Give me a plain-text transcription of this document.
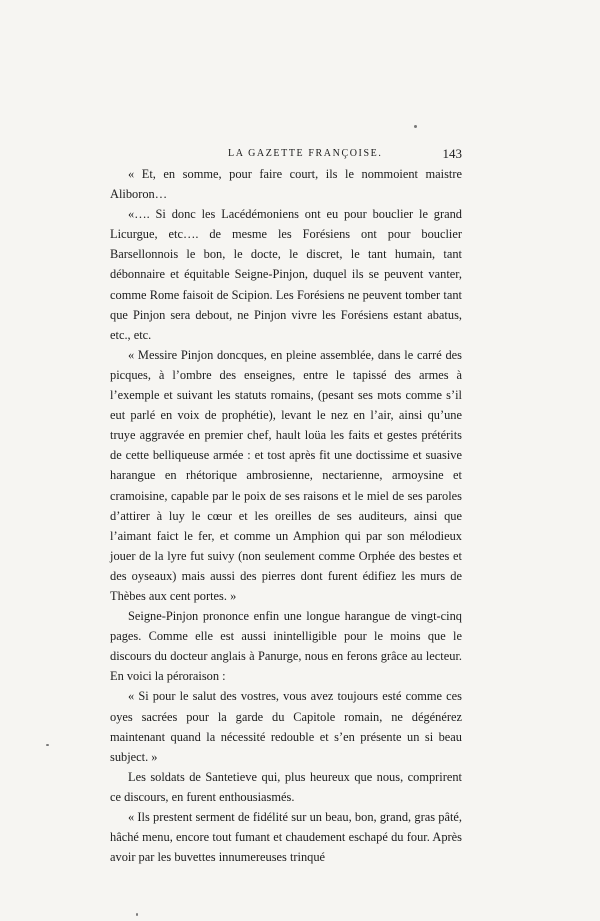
LA GAZETTE FRANÇOISE.	143

« Et, en somme, pour faire court, ils le nommoient maistre Aliboron…

«…. Si donc les Lacédémoniens ont eu pour bouclier le grand Licurgue, etc…. de mesme les Forésiens ont pour bouclier Barsellonnois le bon, le docte, le discret, le tant humain, tant débonnaire et équitable Seigne-Pinjon, duquel ils se peuvent vanter, comme Rome faisoit de Scipion. Les Forésiens ne peuvent tomber tant que Pinjon sera debout, ne Pinjon vivre les Forésiens estant abatus, etc., etc.

« Messire Pinjon doncques, en pleine assemblée, dans le carré des picques, à l’ombre des enseignes, entre le tapissé des armes à l’exemple et suivant les statuts romains, (pesant ses mots comme s’il eut parlé en voix de prophétie), levant le nez en l’air, ainsi qu’une truye aggravée en premier chef, hault loüa les faits et gestes prétérits de cette belliqueuse armée : et tost après fit une doctissime et suasive harangue en rhétorique ambrosienne, nectarienne, armoysine et cramoisine, capable par le poix de ses raisons et le miel de ses paroles d’attirer à luy le cœur et les oreilles de ses auditeurs, ainsi que l’aimant faict le fer, et comme un Amphion qui par son mélodieux jouer de la lyre fut suivy (non seulement comme Orphée des bestes et des oyseaux) mais aussi des pierres dont furent édifiez les murs de Thèbes aux cent portes. »

Seigne-Pinjon prononce enfin une longue harangue de vingt-cinq pages. Comme elle est aussi inintelligible pour le moins que le discours du docteur anglais à Panurge, nous en ferons grâce au lecteur. En voici la péroraison :

« Si pour le salut des vostres, vous avez toujours esté comme ces oyes sacrées pour la garde du Capitole romain, ne dégénérez maintenant quand la nécessité redouble et s’en présente un si beau subject. »

Les soldats de Santetieve qui, plus heureux que nous, comprirent ce discours, en furent enthousiasmés.

« Ils prestent serment de fidélité sur un beau, bon, grand, gras pâté, hâché menu, encore tout fumant et chaudement eschapé du four. Après avoir par les buvettes innumereuses trinqué
